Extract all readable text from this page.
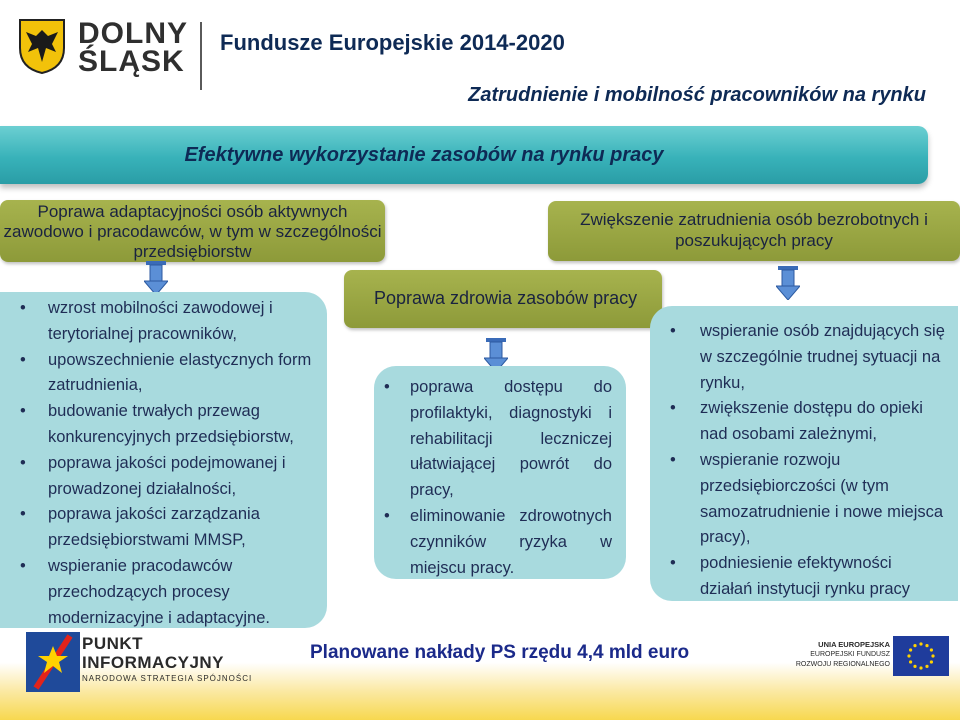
DOLNY
ŚLĄSK
Fundusze Europejskie 2014-2020
Zatrudnienie i mobilność pracowników na rynku
Efektywne wykorzystanie zasobów na rynku pracy
Poprawa adaptacyjności osób aktywnych zawodowo i pracodawców, w tym w szczególności przedsiębiorstw
Zwiększenie zatrudnienia osób bezrobotnych i poszukujących pracy
Poprawa zdrowia zasobów pracy
• wzrost mobilności zawodowej i terytorialnej pracowników,
• upowszechnienie elastycznych form zatrudnienia,
• budowanie trwałych przewag konkurencyjnych przedsiębiorstw,
• poprawa jakości podejmowanej i prowadzonej działalności,
• poprawa jakości zarządzania przedsiębiorstwami MMSP,
• wspieranie pracodawców przechodzących procesy modernizacyjne i adaptacyjne.
• poprawa dostępu do profilaktyki, diagnostyki i rehabilitacji leczniczej ułatwiającej powrót do pracy,
• eliminowanie zdrowotnych czynników ryzyka w miejscu pracy.
• wspieranie osób znajdujących się w szczególnie trudnej sytuacji na rynku,
• zwiększenie dostępu do opieki nad osobami zależnymi,
• wspieranie rozwoju przedsiębiorczości (w tym samozatrudnienie i nowe miejsca pracy),
• podniesienie efektywności działań instytucji rynku pracy
Planowane nakłady PS rzędu 4,4 mld euro
PUNKT
INFORMACYJNY
NARODOWA STRATEGIA SPÓJNOŚCI
UNIA EUROPEJSKA
EUROPEJSKI FUNDUSZ
ROZWOJU REGIONALNEGO
